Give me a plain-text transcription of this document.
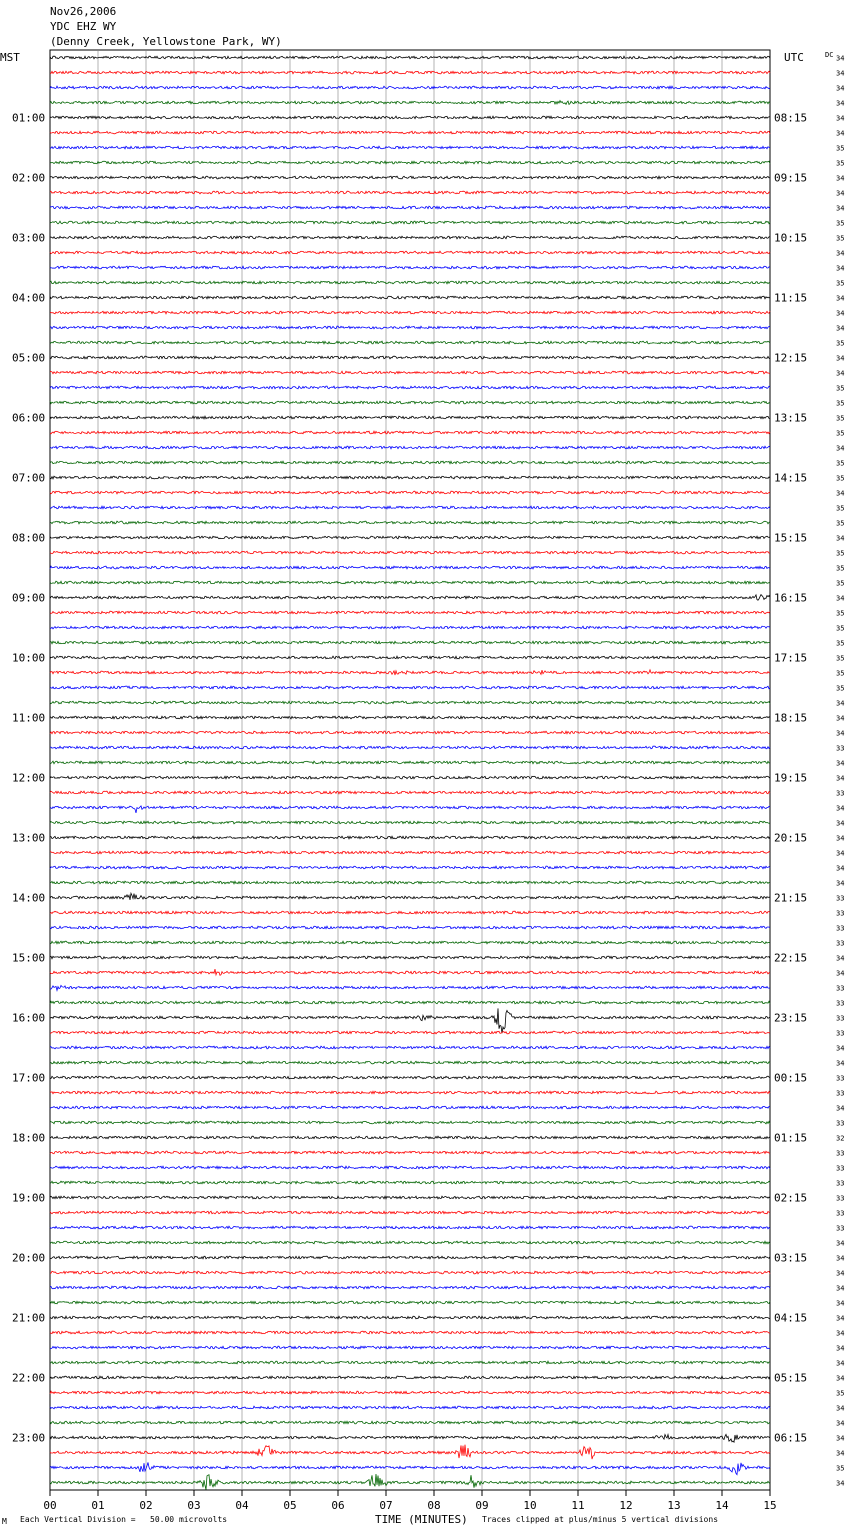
01:00
02:00
03:00
04:00
05:00
06:00
07:00
08:00
09:00
10:00
11:00
12:00
13:00
14:00
15:00
16:00
17:00
18:00
19:00
20:00
21:00
22:00
23:00
08:15
09:15
10:15
11:15
12:15
13:15
14:15
15:15
16:15
17:15
18:15
19:15
20:15
21:15
22:15
23:15
00:15
01:15
02:15
03:15
04:15
05:15
06:15
34
34
34
34
34
34
35
35
34
34
34
35
35
34
34
35
34
34
34
35
34
34
35
35
35
35
34
35
35
34
35
35
34
35
35
35
34
35
35
35
35
35
35
34
34
34
33
34
34
33
34
34
34
34
34
34
33
33
33
33
34
34
33
33
33
33
34
34
33
33
34
33
32
33
33
33
33
33
33
34
34
34
34
34
34
34
34
34
34
35
34
34
34
34
35
34
00	01	02	03	04	05	06	07	08	09	10	11	12	13	14	15
MST	UTC	DC
TIME (MINUTES)
Nov26,2006
YDC EHZ WY
(Denny Creek, Yellowstone Park, WY)
M Each Vertical Division =   50.00 microvolts	Traces clipped at plus/minus 5 vertical divisions
